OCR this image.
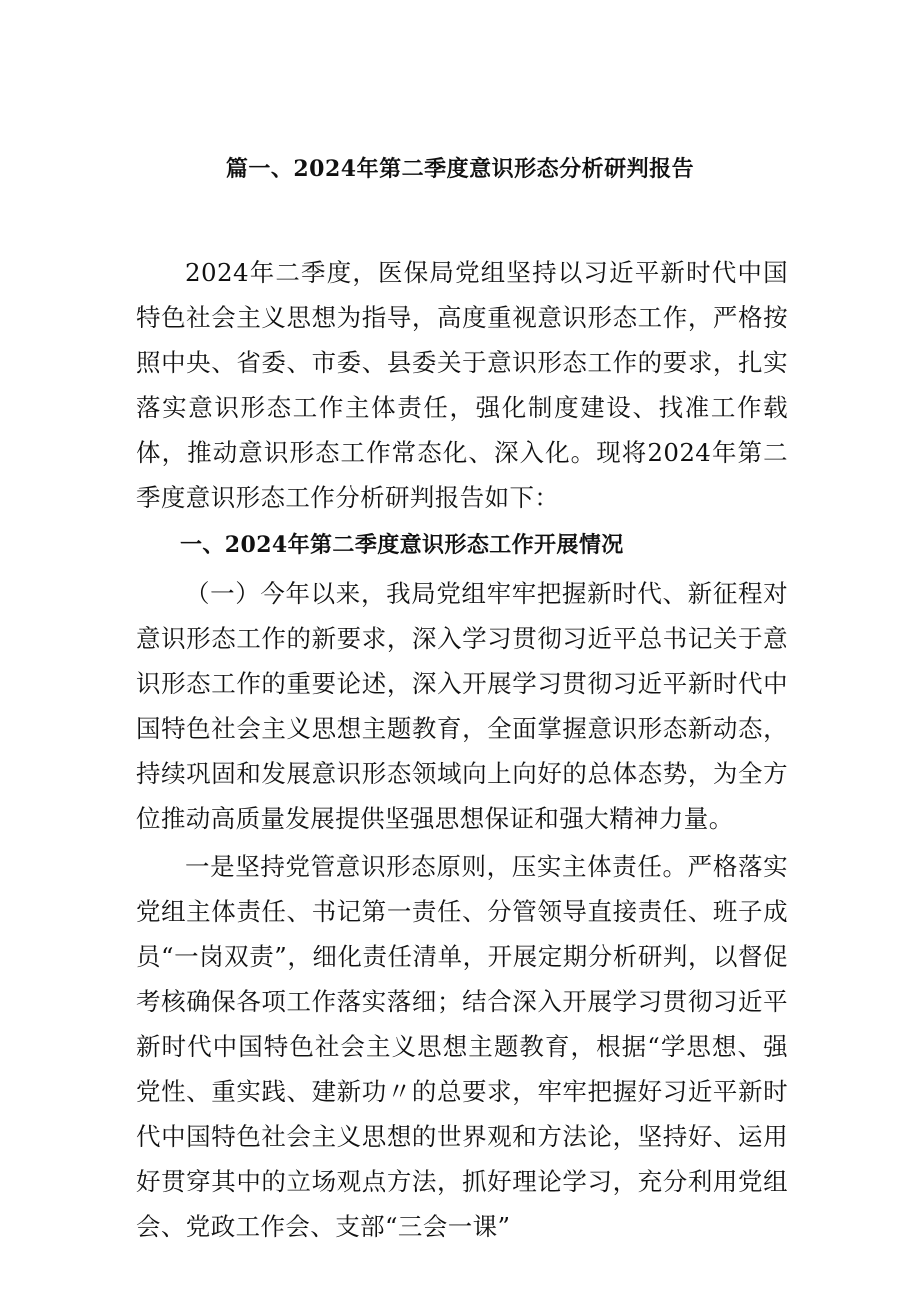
篇一、2024年第二季度意识形态分析研判报告

2024年二季度，医保局党组坚持以习近平新时代中国特色社会主义思想为指导，高度重视意识形态工作，严格按照中央、省委、市委、县委关于意识形态工作的要求，扎实落实意识形态工作主体责任，强化制度建设、找准工作载体，推动意识形态工作常态化、深入化。现将2024年第二季度意识形态工作分析研判报告如下：

一、2024年第二季度意识形态工作开展情况

（一）今年以来，我局党组牢牢把握新时代、新征程对意识形态工作的新要求，深入学习贯彻习近平总书记关于意识形态工作的重要论述，深入开展学习贯彻习近平新时代中国特色社会主义思想主题教育，全面掌握意识形态新动态，持续巩固和发展意识形态领域向上向好的总体态势，为全方位推动高质量发展提供坚强思想保证和强大精神力量。

一是坚持党管意识形态原则，压实主体责任。严格落实党组主体责任、书记第一责任、分管领导直接责任、班子成员“一岗双责”，细化责任清单，开展定期分析研判，以督促考核确保各项工作落实落细；结合深入开展学习贯彻习近平新时代中国特色社会主义思想主题教育，根据“学思想、强党性、重实践、建新功〃的总要求，牢牢把握好习近平新时代中国特色社会主义思想的世界观和方法论，坚持好、运用好贯穿其中的立场观点方法，抓好理论学习，充分利用党组会、党政工作会、支部“三会一课”
